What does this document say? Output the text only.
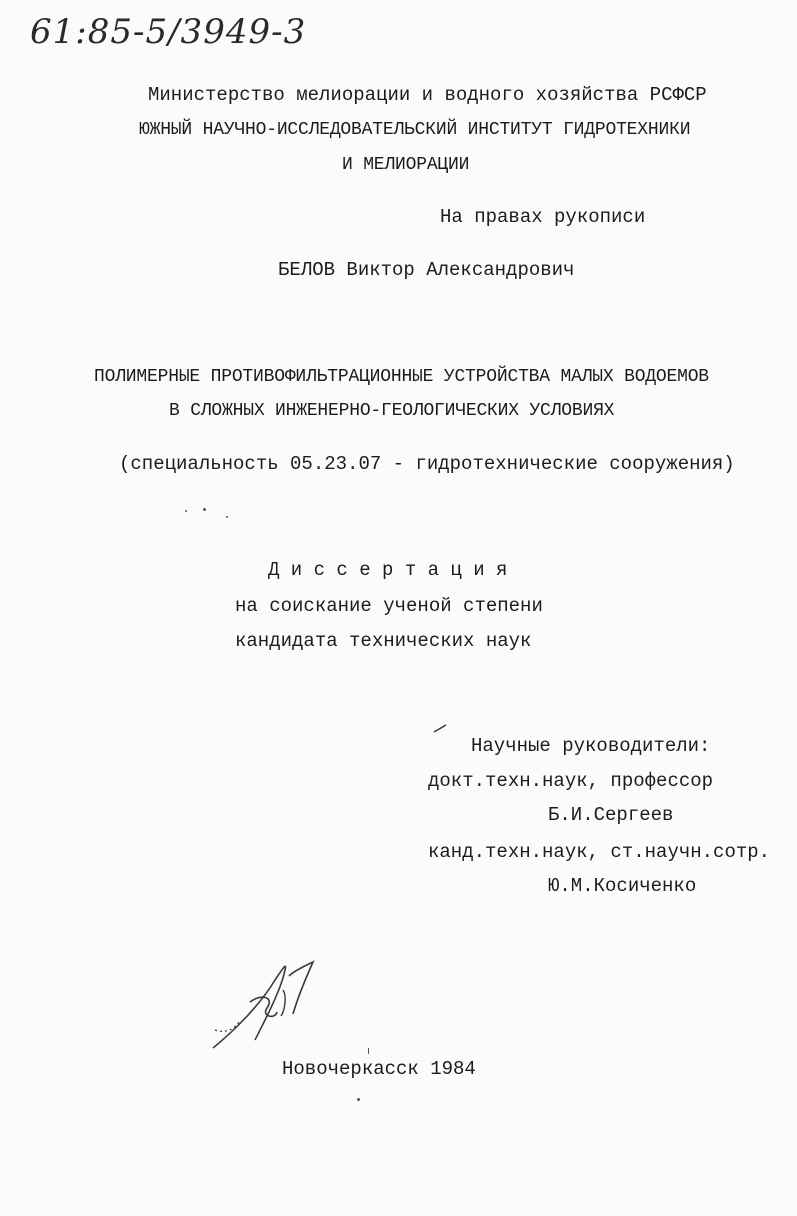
61:85-5/3949-3
Министерство мелиорации и водного хозяйства РСФСР
ЮЖНЫЙ НАУЧНО-ИССЛЕДОВАТЕЛЬСКИЙ ИНСТИТУТ ГИДРОТЕХНИКИ
И МЕЛИОРАЦИИ
На правах рукописи
БЕЛОВ Виктор Александрович
ПОЛИМЕРНЫЕ ПРОТИВОФИЛЬТРАЦИОННЫЕ УСТРОЙСТВА МАЛЫХ ВОДОЕМОВ
В СЛОЖНЫХ ИНЖЕНЕРНО-ГЕОЛОГИЧЕСКИХ УСЛОВИЯХ
(специальность 05.23.07 - гидротехнические сооружения)
Д и с с е р т а ц и я
на соискание ученой степени
кандидата технических наук
Научные руководители:
докт.техн.наук, профессор
Б.И.Сергеев
канд.техн.наук, ст.научн.сотр.
Ю.М.Косиченко
Новочеркасск 1984
